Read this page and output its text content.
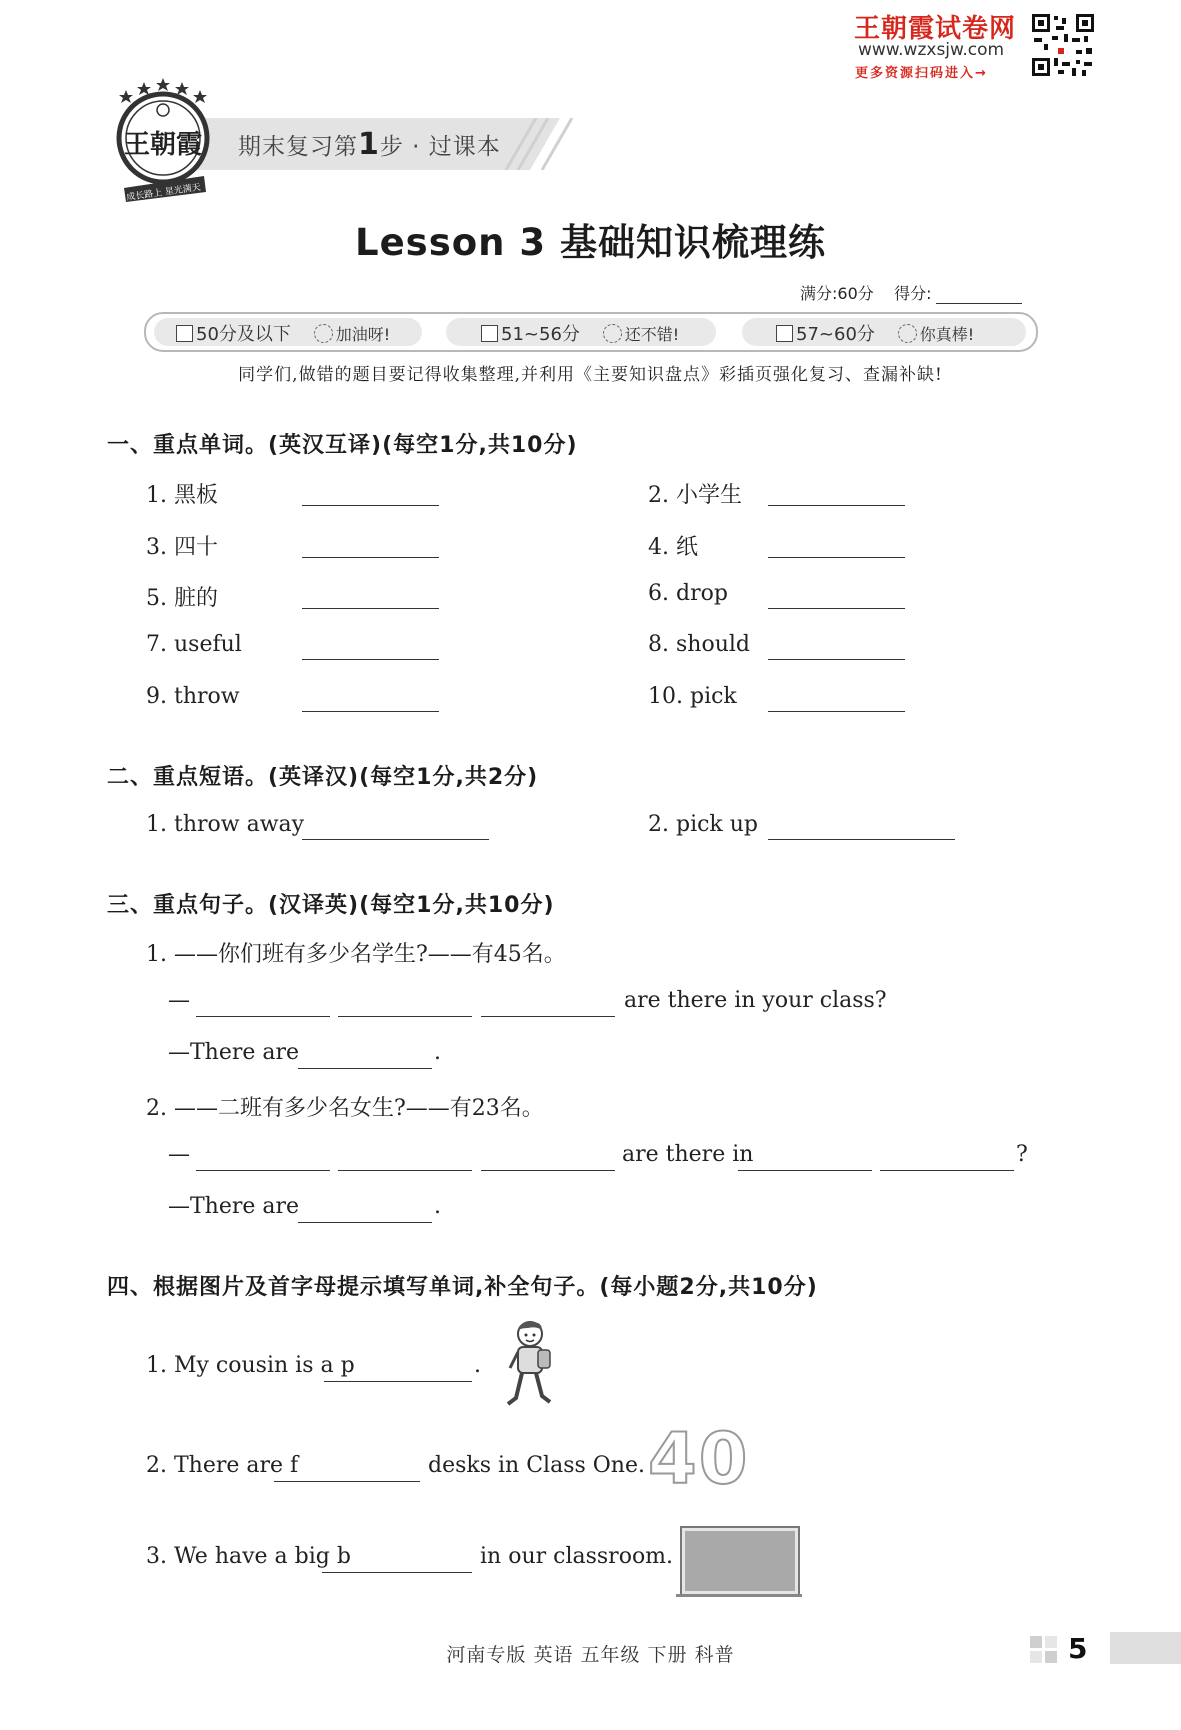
王朝霞试卷网
www.wzxsjw.com
更多资源扫码进入→
期末复习第1步 · 过课本
王朝霞
成长路上 星光满天
Lesson 3 基础知识梳理练
满分:60分 得分:
50分及以下	加油呀!	51~56分	还不错!	57~60分	你真棒!
同学们,做错的题目要记得收集整理,并利用《主要知识盘点》彩插页强化复习、查漏补缺!
一、重点单词。(英汉互译)(每空1分,共10分)
1. 黑板	2. 小学生
3. 四十	4. 纸
5. 脏的	6. drop
7. useful	8. should
9. throw	10. pick
二、重点短语。(英译汉)(每空1分,共2分)
1. throw away	2. pick up
三、重点句子。(汉译英)(每空1分,共10分)
1. ——你们班有多少名学生?——有45名。
—	are there in your class?
—There are	.
2. ——二班有多少名女生?——有23名。
—	are there in	?
—There are	.
四、根据图片及首字母提示填写单词,补全句子。(每小题2分,共10分)
1. My cousin is a p	.
2. There are f	desks in Class One. 40
3. We have a big b	in our classroom.
河南专版 英语 五年级 下册 科普	5
